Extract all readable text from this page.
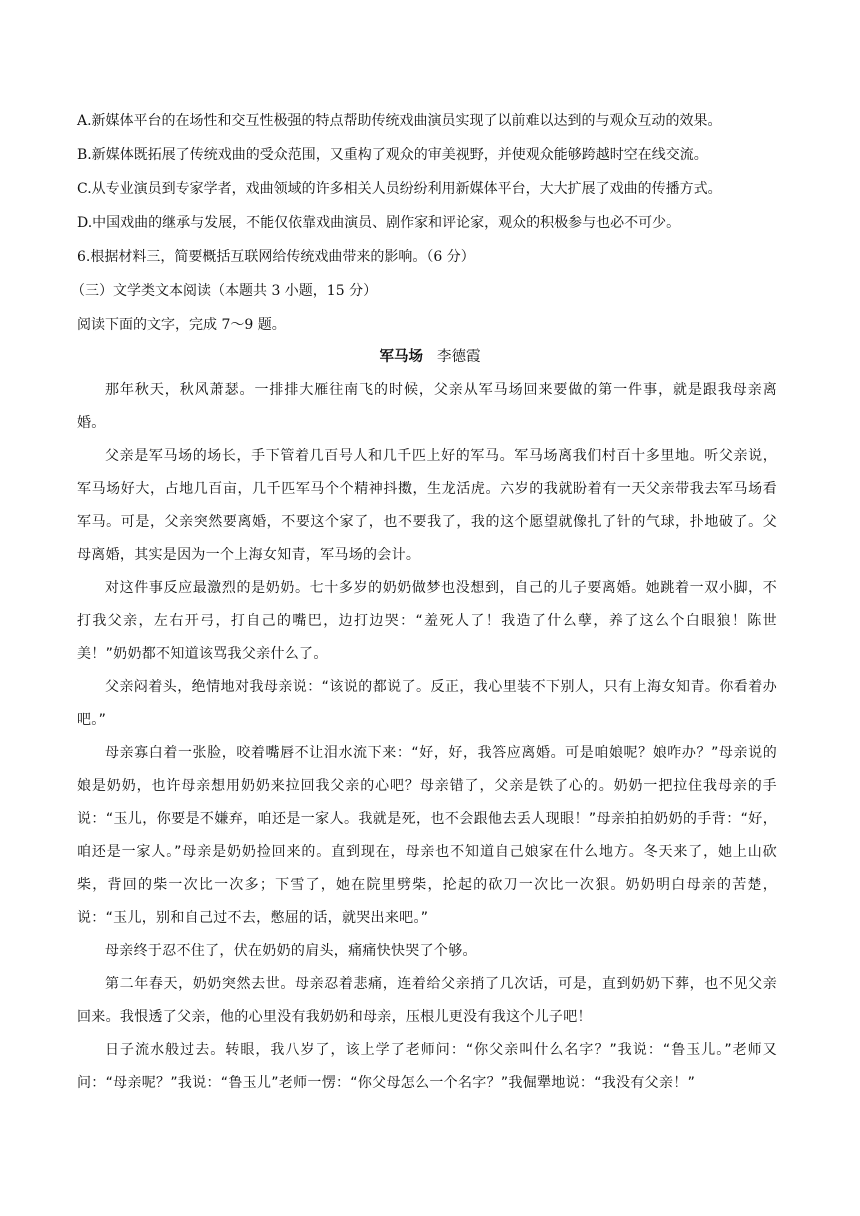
A.新媒体平台的在场性和交互性极强的特点帮助传统戏曲演员实现了以前难以达到的与观众互动的效果。
B.新媒体既拓展了传统戏曲的受众范围，又重构了观众的审美视野，并使观众能够跨越时空在线交流。
C.从专业演员到专家学者，戏曲领域的许多相关人员纷纷利用新媒体平台，大大扩展了戏曲的传播方式。
D.中国戏曲的继承与发展，不能仅依靠戏曲演员、剧作家和评论家，观众的积极参与也必不可少。
6.根据材料三，简要概括互联网给传统戏曲带来的影响。（6 分）
（三）文学类文本阅读（本题共 3 小题，15 分）
阅读下面的文字，完成 7～9 题。
军马场 李德霞

那年秋天，秋风萧瑟。一排排大雁往南飞的时候，父亲从军马场回来要做的第一件事，就是跟我母亲离婚。

父亲是军马场的场长，手下管着几百号人和几千匹上好的军马。军马场离我们村百十多里地。听父亲说，军马场好大，占地几百亩，几千匹军马个个精神抖擞，生龙活虎。六岁的我就盼着有一天父亲带我去军马场看军马。可是，父亲突然要离婚，不要这个家了，也不要我了，我的这个愿望就像扎了针的气球，扑地破了。父母离婚，其实是因为一个上海女知青，军马场的会计。

对这件事反应最激烈的是奶奶。七十多岁的奶奶做梦也没想到，自己的儿子要离婚。她跳着一双小脚，不打我父亲，左右开弓，打自己的嘴巴，边打边哭：“羞死人了！我造了什么孽，养了这么个白眼狼！陈世美！”奶奶都不知道该骂我父亲什么了。

父亲闷着头，绝情地对我母亲说：“该说的都说了。反正，我心里装不下别人，只有上海女知青。你看着办吧。”

母亲寡白着一张脸，咬着嘴唇不让泪水流下来：“好，好，我答应离婚。可是咱娘呢？娘咋办？”母亲说的娘是奶奶，也许母亲想用奶奶来拉回我父亲的心吧？母亲错了，父亲是铁了心的。奶奶一把拉住我母亲的手说：“玉儿，你要是不嫌弃，咱还是一家人。我就是死，也不会跟他去丢人现眼！”母亲拍拍奶奶的手背：“好，咱还是一家人。”母亲是奶奶捡回来的。直到现在，母亲也不知道自己娘家在什么地方。冬天来了，她上山砍柴，背回的柴一次比一次多；下雪了，她在院里劈柴，抡起的砍刀一次比一次狠。奶奶明白母亲的苦楚，说：“玉儿，别和自己过不去，憋屈的话，就哭出来吧。”

母亲终于忍不住了，伏在奶奶的肩头，痛痛快快哭了个够。

第二年春天，奶奶突然去世。母亲忍着悲痛，连着给父亲捎了几次话，可是，直到奶奶下葬，也不见父亲回来。我恨透了父亲，他的心里没有我奶奶和母亲，压根儿更没有我这个儿子吧！

日子流水般过去。转眼，我八岁了，该上学了老师问：“你父亲叫什么名字？”我说：“鲁玉儿。”老师又问：“母亲呢？”我说：“鲁玉儿”老师一愣：“你父母怎么一个名字？”我倔犟地说：“我没有父亲！”
